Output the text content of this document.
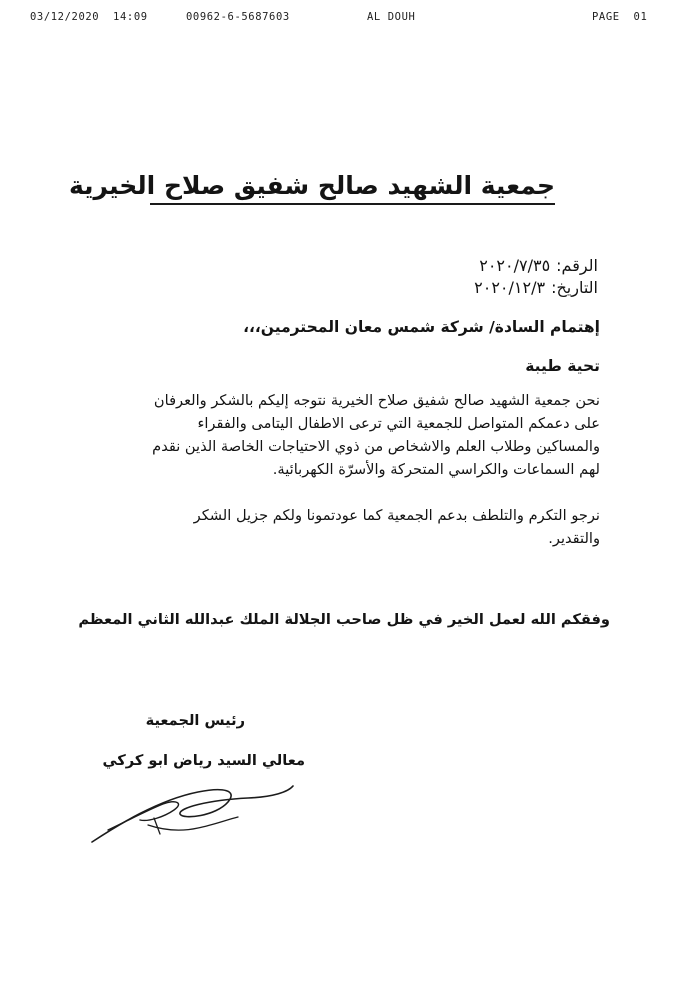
03/12/2020  14:09	00962-6-5687603	AL DOUH	PAGE  01
جمعية الشهيد صالح شفيق صلاح الخيرية
الرقم:٢٠٢٠/٧/٣٥
التاريخ:٢٠٢٠/١٢/٣
إهتمام السادة/ شركة شمس معان المحترمين،،،
تحية طيبة
نحن جمعية الشهيد صالح شفيق صلاح الخيرية نتوجه إليكم بالشكر والعرفان
على دعمكم المتواصل للجمعية التي ترعى الاطفال اليتامى والفقراء
والمساكين وطلاب العلم والاشخاص من ذوي الاحتياجات الخاصة الذين نقدم
لهم السماعات والكراسي المتحركة والأسرّة الكهربائية.
نرجو التكرم والتلطف بدعم الجمعية كما عودتمونا ولكم جزيل الشكر
والتقدير.
وفقكم الله لعمل الخير في ظل صاحب الجلالة الملك عبدالله الثاني المعظم
رئيس الجمعية
معالي السيد رياض ابو كركي
